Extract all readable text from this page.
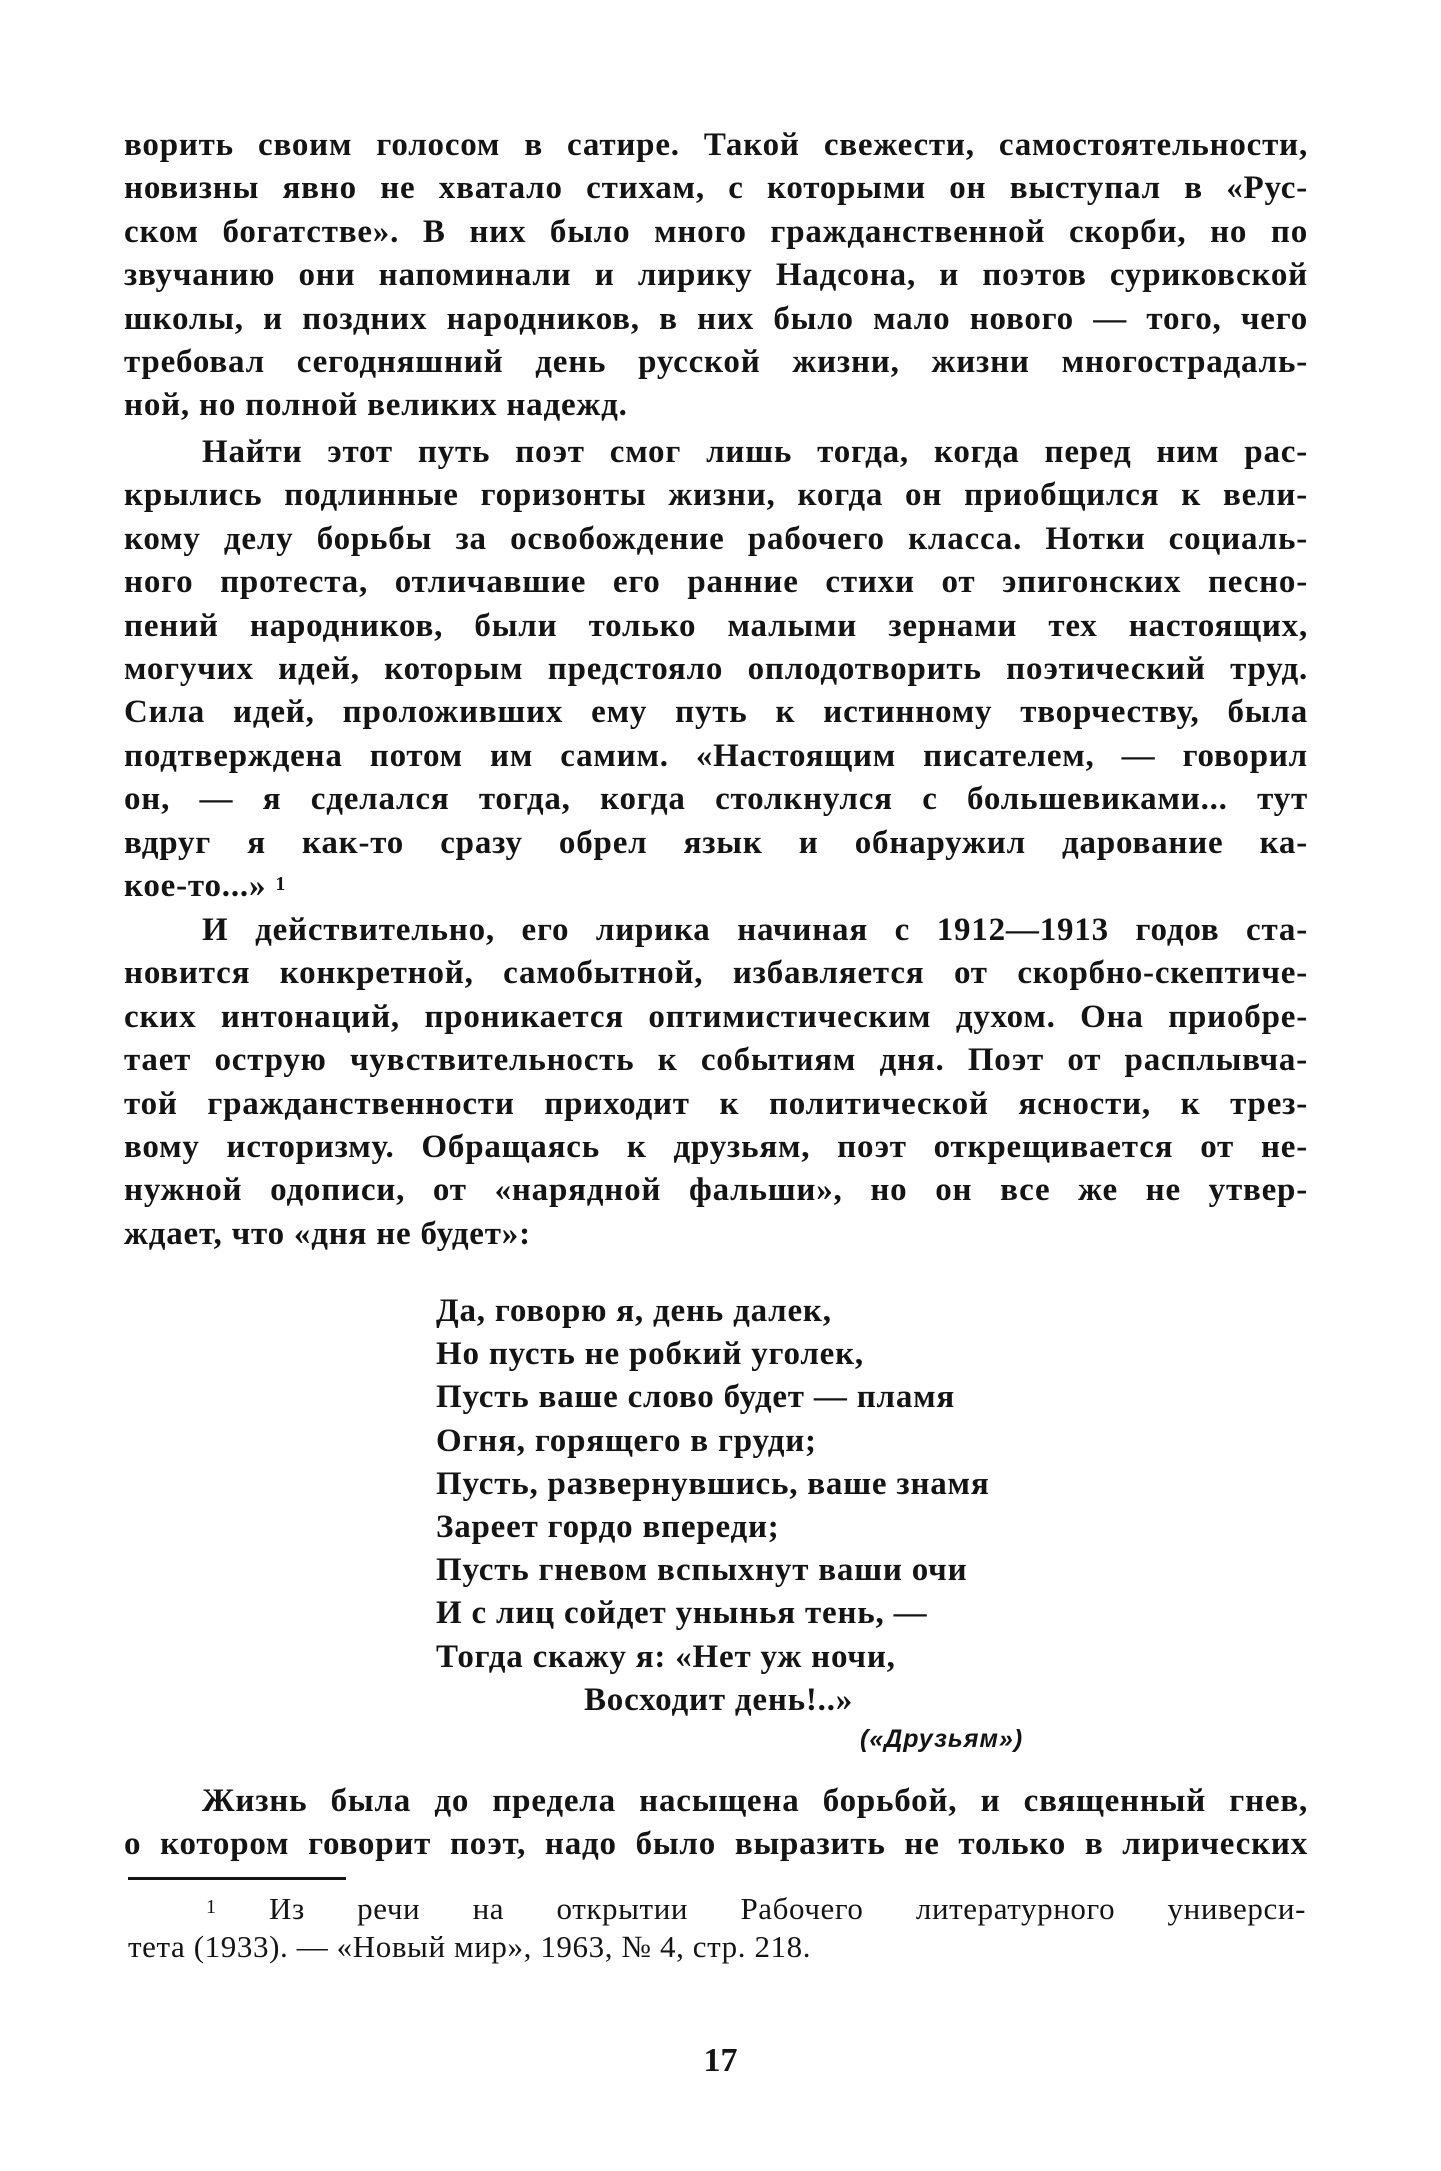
ворить своим голосом в сатире. Такой свежести, самостоятельности,
новизны явно не хватало стихам, с которыми он выступал в «Рус-
ском богатстве». В них было много гражданственной скорби, но по
звучанию они напоминали и лирику Надсона, и поэтов суриковской
школы, и поздних народников, в них было мало нового — того, чего
требовал сегодняшний день русской жизни, жизни многострадаль-
ной, но полной великих надежд.

Найти этот путь поэт смог лишь тогда, когда перед ним рас-
крылись подлинные горизонты жизни, когда он приобщился к вели-
кому делу борьбы за освобождение рабочего класса. Нотки социаль-
ного протеста, отличавшие его ранние стихи от эпигонских песно-
пений народников, были только малыми зернами тех настоящих,
могучих идей, которым предстояло оплодотворить поэтический труд.
Сила идей, проложивших ему путь к истинному творчеству, была
подтверждена потом им самим. «Настоящим писателем, — говорил
он, — я сделался тогда, когда столкнулся с большевиками... тут
вдруг я как-то сразу обрел язык и обнаружил дарование ка-
кое-то...» $^1$

И действительно, его лирика начиная с 1912—1913 годов ста-
новится конкретной, самобытной, избавляется от скорбно-скептиче-
ских интонаций, проникается оптимистическим духом. Она приобре-
тает острую чувствительность к событиям дня. Поэт от расплывча-
той гражданственности приходит к политической ясности, к трез-
вому историзму. Обращаясь к друзьям, поэт открещивается от не-
нужной одописи, от «нарядной фальши», но он все же не утвер-
ждает, что «дня не будет»:

Да, говорю я, день далек,
Но пусть не робкий уголек,
Пусть ваше слово будет — пламя
Огня, горящего в груди;
Пусть, развернувшись, ваше знамя
Зареет гордо впереди;
Пусть гневом вспыхнут ваши очи
И с лиц сойдет унынья тень, —
Тогда скажу я: «Нет уж ночи,
Восходит день!..»
(«Друзьям»)

Жизнь была до предела насыщена борьбой, и священный гнев,
о котором говорит поэт, надо было выразить не только в лирических

$^1$ Из речи на открытии Рабочего литературного универси-
тета (1933). — «Новый мир», 1963, № 4, стр. 218.
17
